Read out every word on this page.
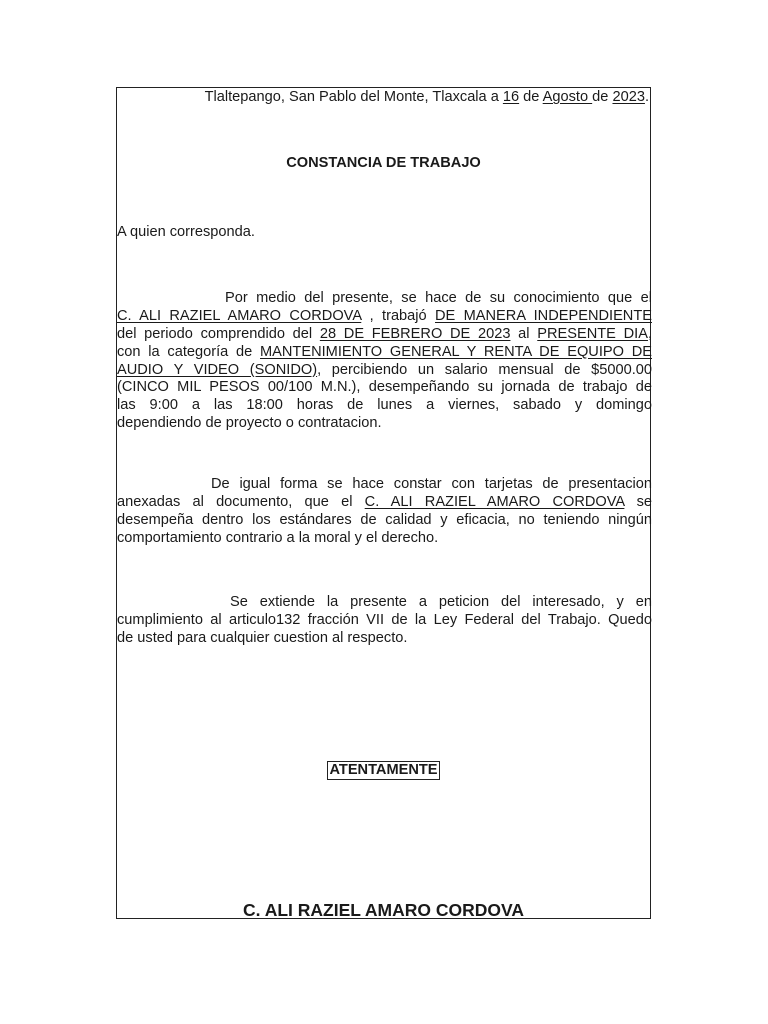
Tlaltepango, San Pablo del Monte, Tlaxcala a 16 de Agosto de 2023.
CONSTANCIA DE TRABAJO
A quien corresponda.
Por medio del presente, se hace de su conocimiento que el
C. ALI RAZIEL AMARO CORDOVA , trabajó DE MANERA INDEPENDIENTE
del periodo comprendido del 28 DE FEBRERO DE 2023 al PRESENTE DIA,
con la categoría de MANTENIMIENTO GENERAL Y RENTA DE EQUIPO DE
AUDIO Y VIDEO (SONIDO), percibiendo un salario mensual de $5000.00
(CINCO MIL PESOS 00/100 M.N.), desempeñando su jornada de trabajo de
las 9:00 a las 18:00 horas de lunes a viernes, sabado y domingo
dependiendo de proyecto o contratacion.
De igual forma se hace constar con tarjetas de presentacion
anexadas al documento, que el C. ALI RAZIEL AMARO CORDOVA se
desempeña dentro los estándares de calidad y eficacia, no teniendo ningún
comportamiento contrario a la moral y el derecho.
Se extiende la presente a peticion del interesado, y en
cumplimiento al articulo132 fracción VII de la Ley Federal del Trabajo. Quedo
de usted para cualquier cuestion al respecto.
ATENTAMENTE
C. ALI RAZIEL AMARO CORDOVA
